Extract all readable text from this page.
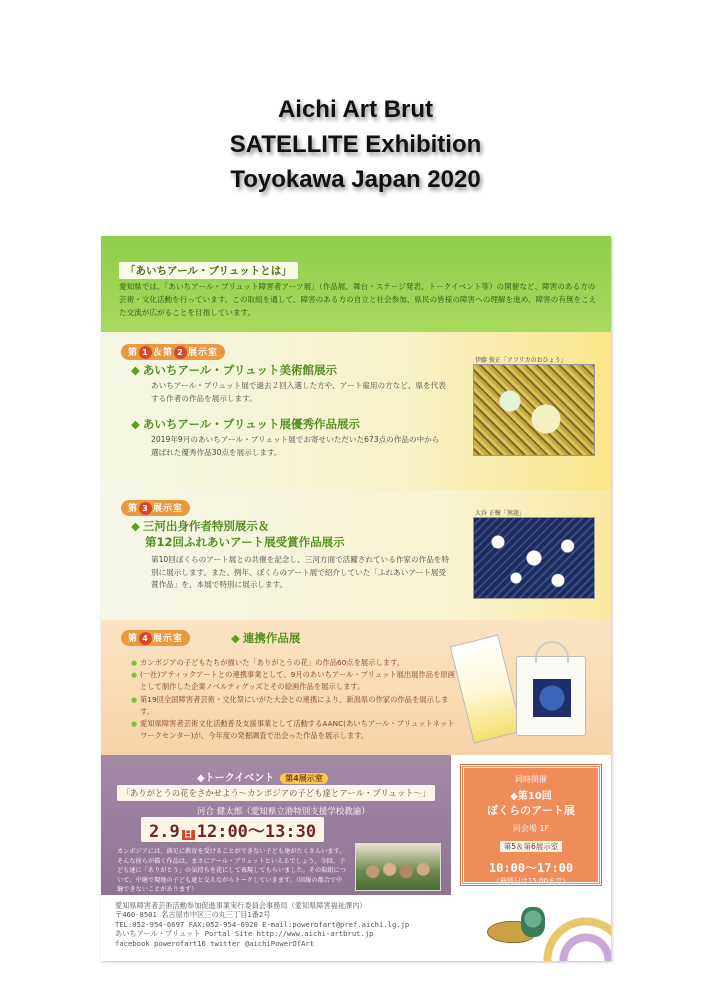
Aichi Art Brut
SATELLITE Exhibition
Toyokawa Japan 2020
「あいちアール・ブリュットとは」
愛知県では、「あいちアール・ブリュット障害者アーツ展」（作品展、舞台・ステージ発表、トークイベント等）の開催など、障害のある方の芸術・文化活動を行っています。この取組を通して、障害のある方の自立と社会参加、県民の皆様の障害への理解を進め、障害の有無をこえた交流が広がることを目指しています。
第 1 ＆第 2 展示室
◆ あいちアール・ブリュット美術館展示
あいちアール・ブリュット展で過去２回入選した方や、アート雇用の方など、県を代表する作者の作品を展示します。
◆ あいちアール・ブリュット展優秀作品展示
2019年9月のあいちアール・ブリュット展でお寄せいただいた673点の作品の中から選ばれた優秀作品30点を展示します。
第 3 展示室
◆ 三河出身作者特別展示＆
第12回ふれあいアート展受賞作品展示
第10回ぼくらのアート展との共催を記念し、三河方面で活躍されている作家の作品を特別に展示します。また、例年、ぼくらのアート展で紹介していた「ふれあいアート展受賞作品」を、本展で特別に展示します。
第 4 展示室	◆ 連携作品展
● カンボジアの子どもたちが描いた「ありがとうの花」の作品60点を展示します。
● (一社)アティックアートとの連携事業として、9月のあいちアール・ブリュット展出展作品を原画として制作した企業ノベルティグッズとその絵画作品を展示します。
● 第19回全国障害者芸術・文化祭にいがた大会との連携により、新潟県の作家の作品を展示します。
● 愛知県障害者芸術文化活動普及支援事業として活動するAANC(あいちアール・ブリュットネットワークセンター)が、今年度の発掘調査で出会った作品を展示します。
伊藤 俊正「アフリカのおひょう」
大谷 正樹「無題」
◆トークイベント 第4展示室
「ありがとうの花をさかせよう～カンボジアの子ども達とアール・ブリュット～」
河合 健太郎（愛知県立港特別支援学校教諭）
2.9 日 12:00～13:30
カンボジアには、満足に教育を受けることができない子ども達がたくさんいます。そんな彼らが描く作品は、まさにアール・ブリュットといえるでしょう。今回、子ども達に「ありがとう」の気持ちを花にして表現してもらいました。その取組について、中継で現地の子ども達と交えながらトークしていきます。（回線の都合で中継できないことがあります）
同時開催
◆第10回
ぼくらのアート展
同会場 1F
第5＆第6展示室
10:00～17:00
（最終日は15:00まで）
愛知県障害者芸術活動参加促進事業実行委員会事務局（愛知県障害福祉課内）
〒460-8501 名古屋市中区三の丸三丁目1番2号
TEL:052-954-6697 FAX:052-954-6920 E-mail:powerofart@pref.aichi.lg.jp
あいちアール・ブリュット Portal Site http://www.aichi-artbrut.jp
facebook powerofart16 twitter @aichiPowerOfArt
